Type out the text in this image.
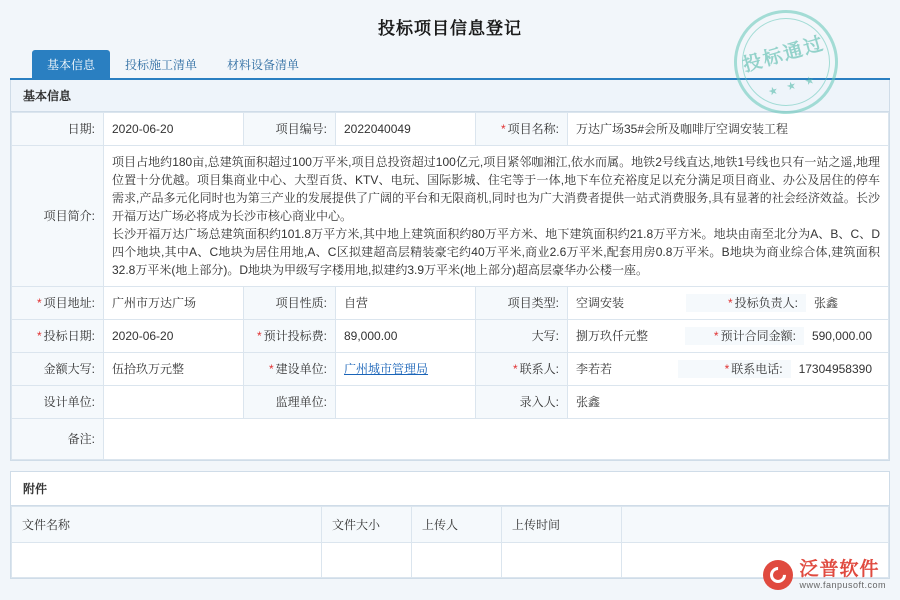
投标项目信息登记
投标通过
★ ★ ★
基本信息	投标施工清单	材料设备清单
基本信息
日期:	2020-06-20	项目编号:	2022040049	* 项目名称:	万达广场35#会所及咖啡厅空调安装工程
项目简介:	

项目占地约180亩,总建筑面积超过100万平米,项目总投资超过100亿元,项目紧邻咖湘江,依水而属。地铁2号线直达,地铁1号线也只有一站之遥,地理位置十分优越。项目集商业中心、大型百货、KTV、电玩、国际影城、住宅等于一体,地下车位充裕度足以充分满足项目商业、办公及居住的停车需求,产品多元化同时也为第三产业的发展提供了广阔的平台和无限商机,同时也为广大消费者提供一站式消费服务,具有显著的社会经济效益。长沙开福万达广场必将成为长沙市核心商业中心。

长沙开福万达广场总建筑面积约101.8万平方米,其中地上建筑面积约80万平方米、地下建筑面积约21.8万平方米。地块由南至北分为A、B、C、D四个地块,其中A、C地块为居住用地,A、C区拟建超高层精装豪宅约40万平米,商业2.6万平米,配套用房0.8万平米。B地块为商业综合体,建筑面积32.8万平米(地上部分)。D地块为甲级写字楼用地,拟建约3.9万平米(地上部分)超高层豪华办公楼一座。

* 项目地址:	广州市万达广场	项目性质:	自营	项目类型:	空调安装	* 投标负责人:	张鑫

* 投标日期:	2020-06-20	* 预计投标费:	89,000.00	大写:	捌万玖仟元整	* 预计合同金额:	590,000.00

金额大写:	伍拾玖万元整	* 建设单位:	广州城市管理局	* 联系人:	李若若	* 联系电话:	17304958390

设计单位:		监理单位:		录入人:	张鑫
备注:	
附件
文件名称	文件大小	上传人	上传时间	

泛普软件
www.fanpusoft.com
